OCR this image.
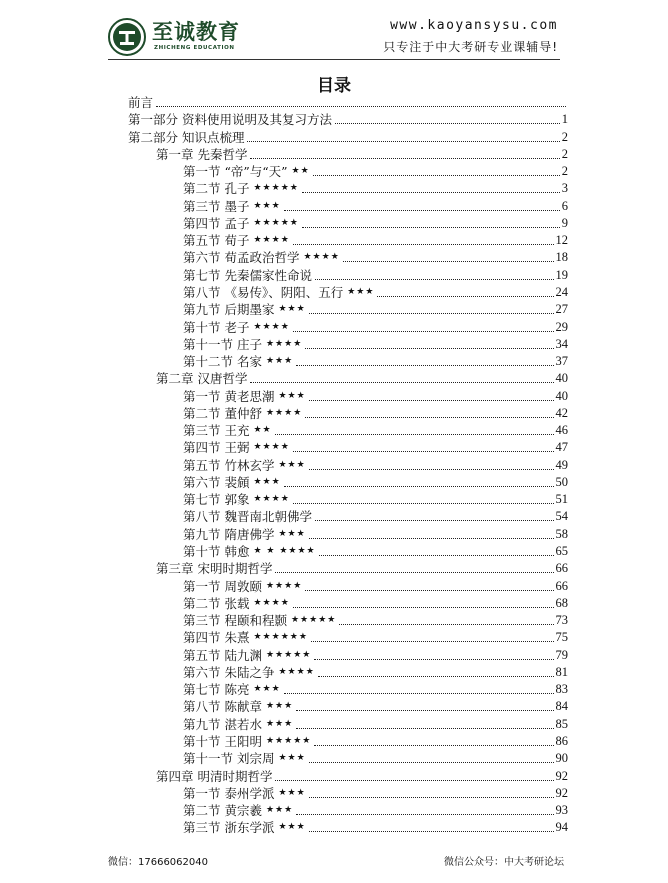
至诚教育
ZHICHENG EDUCATION
www.kaoyansysu.com
只专注于中大考研专业课辅导!
目录
前言
第一部分 资料使用说明及其复习方法	1
第二部分 知识点梳理	2
第一章 先秦哲学	2
第一节 “帝”与“天” ★★	2
第二节 孔子 ★★★★★	3
第三节 墨子 ★★★	6
第四节 孟子 ★★★★★	9
第五节 荀子 ★★★★	12
第六节 荀孟政治哲学 ★★★★	18
第七节 先秦儒家性命说	19
第八节 《易传》、阴阳、五行 ★★★	24
第九节 后期墨家 ★★★	27
第十节 老子 ★★★★	29
第十一节 庄子 ★★★★	34
第十二节 名家 ★★★	37
第二章 汉唐哲学	40
第一节 黄老思潮 ★★★	40
第二节 董仲舒 ★★★★	42
第三节 王充 ★★	46
第四节 王弼 ★★★★	47
第五节 竹林玄学 ★★★	49
第六节 裴頠 ★★★	50
第七节 郭象 ★★★★	51
第八节 魏晋南北朝佛学	54
第九节 隋唐佛学 ★★★	58
第十节 韩愈 ★ ★ ★★★★	65
第三章 宋明时期哲学	66
第一节 周敦颐 ★★★★	66
第二节 张载 ★★★★	68
第三节 程颐和程颢 ★★★★★	73
第四节 朱熹 ★★★★★★	75
第五节 陆九渊 ★★★★★	79
第六节 朱陆之争 ★★★★	81
第七节 陈亮 ★★★	83
第八节 陈献章 ★★★	84
第九节 湛若水 ★★★	85
第十节 王阳明 ★★★★★	86
第十一节 刘宗周 ★★★	90
第四章 明清时期哲学	92
第一节 泰州学派 ★★★	92
第二节 黄宗羲 ★★★	93
第三节 浙东学派 ★★★	94
微信：17666062040	微信公众号：中大考研论坛
